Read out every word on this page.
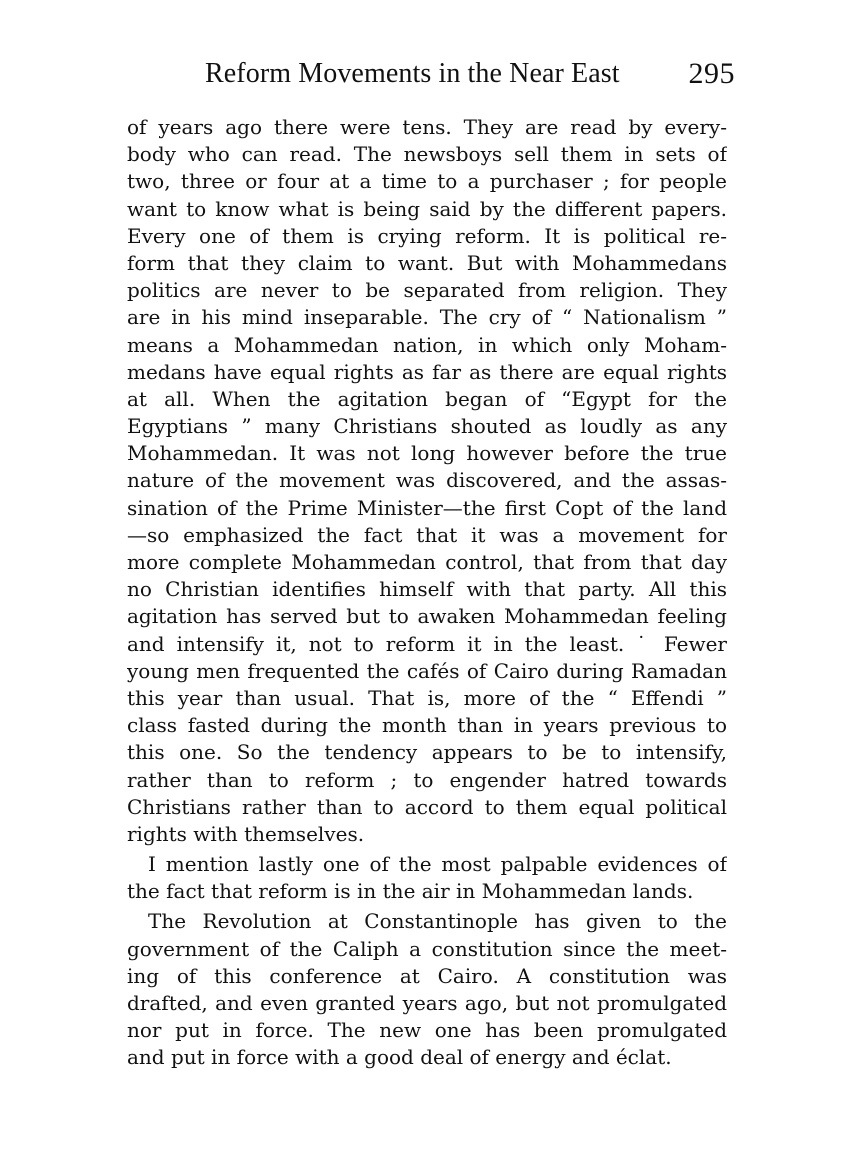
Reform Movements in the Near East 295
of years ago there were tens. They are read by every-
body who can read. The newsboys sell them in sets of
two, three or four at a time to a purchaser ; for people
want to know what is being said by the different papers.
Every one of them is crying reform. It is political re-
form that they claim to want. But with Mohammedans
politics are never to be separated from religion. They
are in his mind inseparable. The cry of “ Nationalism ”
means a Mohammedan nation, in which only Moham-
medans have equal rights as far as there are equal rights
at all. When the agitation began of “Egypt for the
Egyptians ” many Christians shouted as loudly as any
Mohammedan. It was not long however before the true
nature of the movement was discovered, and the assas-
sination of the Prime Minister—the first Copt of the land
—so emphasized the fact that it was a movement for
more complete Mohammedan control, that from that day
no Christian identifies himself with that party. All this
agitation has served but to awaken Mohammedan feeling
and intensify it, not to reform it in the least. ˙ Fewer
young men frequented the cafés of Cairo during Ramadan
this year than usual. That is, more of the “ Effendi ”
class fasted during the month than in years previous to
this one. So the tendency appears to be to intensify,
rather than to reform ; to engender hatred towards
Christians rather than to accord to them equal political
rights with themselves.
I mention lastly one of the most palpable evidences of
the fact that reform is in the air in Mohammedan lands.
The Revolution at Constantinople has given to the
government of the Caliph a constitution since the meet-
ing of this conference at Cairo. A constitution was
drafted, and even granted years ago, but not promulgated
nor put in force. The new one has been promulgated
and put in force with a good deal of energy and éclat.
